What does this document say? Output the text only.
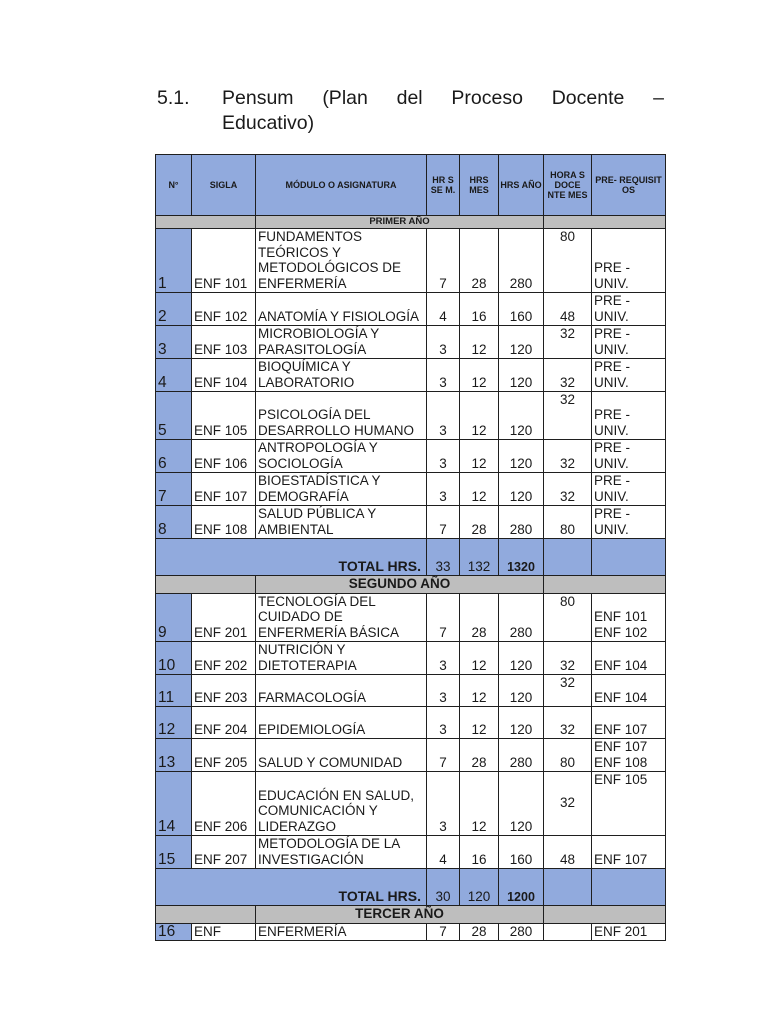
5.1.	Pensum (Plan del Proceso Docente –
Educativo)
N°	SIGLA	MÓDULO O ASIGNATURA	HR S SE M.	HRS MES	HRS AÑO	HORA S DOCE NTE MES	PRE- REQUISIT OS
		PRIMER AÑO					
1	ENF 101	FUNDAMENTOS TEÓRICOS Y METODOLÓGICOS DE ENFERMERÍA	7	28	280	80	PRE - UNIV.
2	ENF 102	ANATOMÍA Y FISIOLOGÍA	4	16	160	48	PRE - UNIV.
3	ENF 103	MICROBIOLOGÍA Y PARASITOLOGÍA	3	12	120	32	PRE - UNIV.
4	ENF 104	BIOQUÍMICA Y LABORATORIO	3	12	120	32	PRE - UNIV.
5	ENF 105	PSICOLOGÍA DEL DESARROLLO HUMANO	3	12	120	32	PRE - UNIV.
6	ENF 106	ANTROPOLOGÍA Y SOCIOLOGÍA	3	12	120	32	PRE - UNIV.
7	ENF 107	BIOESTADÍSTICA Y DEMOGRAFÍA	3	12	120	32	PRE - UNIV.
8	ENF 108	SALUD PÚBLICA Y AMBIENTAL	7	28	280	80	PRE - UNIV.
TOTAL HRS.			33	132	1320		
		SEGUNDO AÑO					
9	ENF 201	TECNOLOGÍA DEL CUIDADO DE ENFERMERÍA BÁSICA	7	28	280	80	ENF 101 ENF 102
10	ENF 202	NUTRICIÓN Y DIETOTERAPIA	3	12	120	32	ENF 104
11	ENF 203	FARMACOLOGÍA	3	12	120	32	ENF 104
12	ENF 204	EPIDEMIOLOGÍA	3	12	120	32	ENF 107
13	ENF 205	SALUD Y COMUNIDAD	7	28	280	80	ENF 107 ENF 108
14	ENF 206	EDUCACIÓN EN SALUD, COMUNICACIÓN Y LIDERAZGO	3	12	120	32	ENF 105
15	ENF 207	METODOLOGÍA DE LA INVESTIGACIÓN	4	16	160	48	ENF 107
TOTAL HRS.			30	120	1200		
		TERCER AÑO					
16	ENF	ENFERMERÍA	7	28	280		ENF 201
